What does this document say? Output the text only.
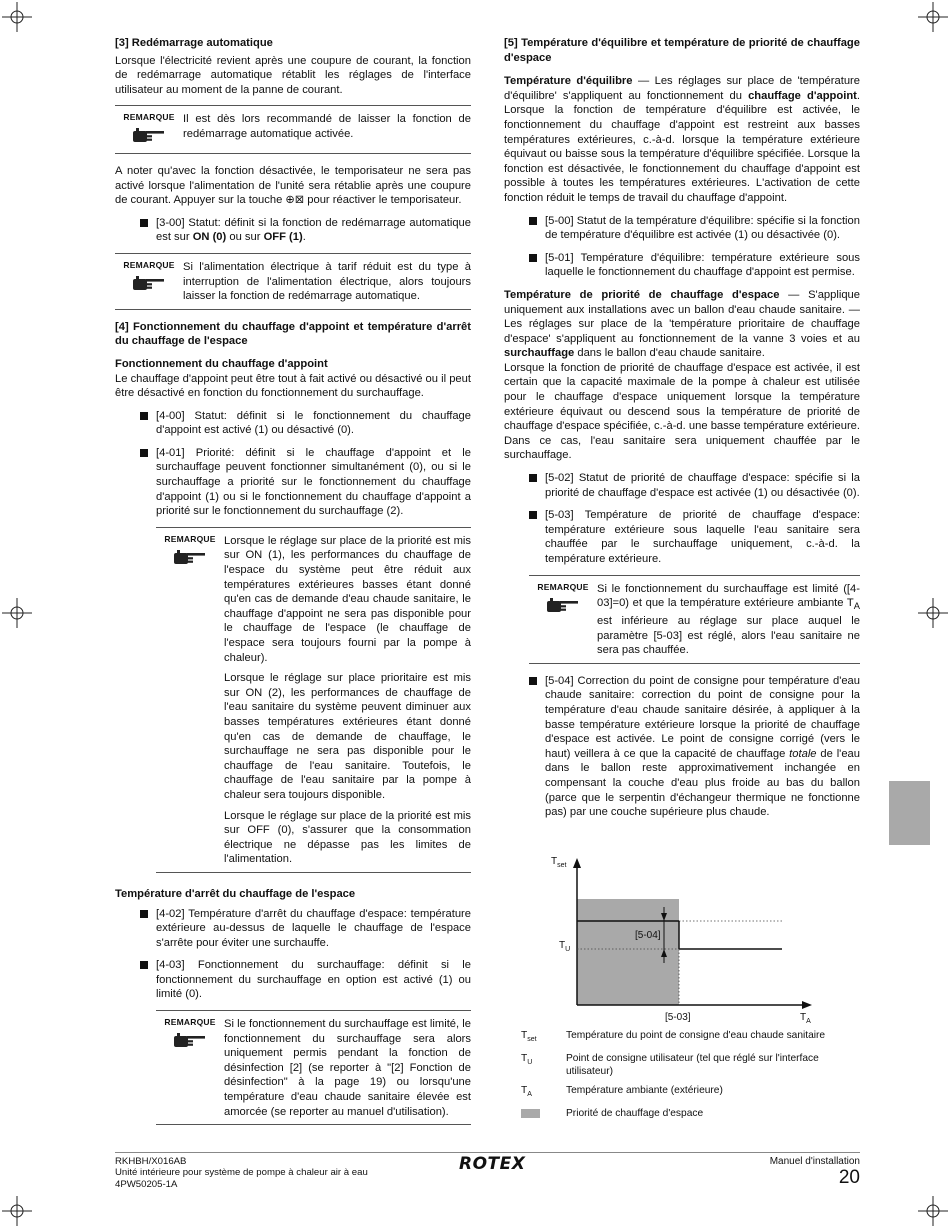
[3] Redémarrage automatique

Lorsque l'électricité revient après une coupure de courant, la fonction de redémarrage automatique rétablit les réglages de l'interface utilisateur au moment de la panne de courant.

REMARQUE Il est dès lors recommandé de laisser la fonction de redémarrage automatique activée.

A noter qu'avec la fonction désactivée, le temporisateur ne sera pas activé lorsque l'alimentation de l'unité sera rétablie après une coupure de courant. Appuyer sur la touche ⊕⊠ pour réactiver le temporisateur.

[3-00] Statut: définit si la fonction de redémarrage automatique est sur ON (0) ou sur OFF (1).
REMARQUE Si l'alimentation électrique à tarif réduit est du type à interruption de l'alimentation électrique, alors toujours laisser la fonction de redémarrage automatique.
[4] Fonctionnement du chauffage d'appoint et température d'arrêt du chauffage de l'espace
Fonctionnement du chauffage d'appoint

Le chauffage d'appoint peut être tout à fait activé ou désactivé ou il peut être désactivé en fonction du fonctionnement du surchauffage.

[4-00] Statut: définit si le fonctionnement du chauffage d'appoint est activé (1) ou désactivé (0).
[4-01] Priorité: définit si le chauffage d'appoint et le surchauffage peuvent fonctionner simultanément (0), ou si le surchauffage a priorité sur le fonctionnement du chauffage d'appoint (1) ou si le fonctionnement du chauffage d'appoint a priorité sur le fonctionnement du surchauffage (2).
REMARQUE Lorsque le réglage sur place de la priorité est mis sur ON (1), les performances du chauffage de l'espace du système peut être réduit aux températures extérieures basses étant donné qu'en cas de demande d'eau chaude sanitaire, le chauffage d'appoint ne sera pas disponible pour le chauffage de l'espace (le chauffage de l'espace sera toujours fourni par la pompe à chaleur).

Lorsque le réglage sur place prioritaire est mis sur ON (2), les performances de chauffage de l'eau sanitaire du système peuvent diminuer aux basses températures extérieures étant donné qu'en cas de demande de chauffage, le surchauffage ne sera pas disponible pour le chauffage de l'eau sanitaire. Toutefois, le chauffage de l'eau sanitaire par la pompe à chaleur sera toujours disponible.

Lorsque le réglage sur place de la priorité est mis sur OFF (0), s'assurer que la consommation électrique ne dépasse pas les limites de l'alimentation.

Température d'arrêt du chauffage de l'espace
[4-02] Température d'arrêt du chauffage d'espace: température extérieure au-dessus de laquelle le chauffage de l'espace s'arrête pour éviter une surchauffe.
[4-03] Fonctionnement du surchauffage: définit si le fonctionnement du surchauffage en option est activé (1) ou limité (0).
REMARQUE Si le fonctionnement du surchauffage est limité, le fonctionnement du surchauffage sera alors uniquement permis pendant la fonction de désinfection [2] (se reporter à "[2] Fonction de désinfection" à la page 19) ou lorsqu'une température d'eau chaude sanitaire élevée est amorcée (se reporter au manuel d'utilisation).
[5] Température d'équilibre et température de priorité de chauffage d'espace

Température d'équilibre — Les réglages sur place de 'température d'équilibre' s'appliquent au fonctionnement du chauffage d'appoint. Lorsque la fonction de température d'équilibre est activée, le fonctionnement du chauffage d'appoint est restreint aux basses températures extérieures, c.-à-d. lorsque la température extérieure équivaut ou baisse sous la température d'équilibre spécifiée. Lorsque la fonction est désactivée, le fonctionnement du chauffage d'appoint est possible à toutes les températures extérieures. L'activation de cette fonction réduit le temps de travail du chauffage d'appoint.

[5-00] Statut de la température d'équilibre: spécifie si la fonction de température d'équilibre est activée (1) ou désactivée (0).
[5-01] Température d'équilibre: température extérieure sous laquelle le fonctionnement du chauffage d'appoint est permise.

Température de priorité de chauffage d'espace — S'applique uniquement aux installations avec un ballon d'eau chaude sanitaire. — Les réglages sur place de la 'température prioritaire de chauffage d'espace' s'appliquent au fonctionnement de la vanne 3 voies et au surchauffage dans le ballon d'eau chaude sanitaire.

Lorsque la fonction de priorité de chauffage d'espace est activée, il est certain que la capacité maximale de la pompe à chaleur est utilisée pour le chauffage d'espace uniquement lorsque la température extérieure équivaut ou descend sous la température de priorité de chauffage d'espace spécifiée, c.-à-d. une basse température extérieure. Dans ce cas, l'eau sanitaire sera uniquement chauffée par le surchauffage.

[5-02] Statut de priorité de chauffage d'espace: spécifie si la priorité de chauffage d'espace est activée (1) ou désactivée (0).
[5-03] Température de priorité de chauffage d'espace: température extérieure sous laquelle l'eau sanitaire sera chauffée par le surchauffage uniquement, c.-à-d. la température extérieure.
REMARQUE Si le fonctionnement du surchauffage est limité ([4-03]=0) et que la température extérieure ambiante $T_A$ est inférieure au réglage sur place auquel le paramètre [5-03] est réglé, alors l'eau sanitaire ne sera pas chauffée.
[5-04] Correction du point de consigne pour température d'eau chaude sanitaire: correction du point de consigne pour la température d'eau chaude sanitaire désirée, à appliquer à la basse température extérieure lorsque la priorité de chauffage d'espace est activée. Le point de consigne corrigé (vers le haut) veillera à ce que la capacité de chauffage totale de l'eau dans le ballon reste approximativement inchangée en compensant la couche d'eau plus froide au bas du ballon (parce que le serpentin d'échangeur thermique ne fonctionne pas) par une couche supérieure plus chaude.
[5-04]
$T_{set}$
$T_U$
$T_A$
[5-03]
$T_{set}$	Température du point de consigne d'eau chaude sanitaire
$T_U$	Point de consigne utilisateur (tel que réglé sur l'interface utilisateur)
$T_A$	Température ambiante (extérieure)
Priorité de chauffage d'espace
RKHBH/X016AB
Unité intérieure pour système de pompe à chaleur air à eau
4PW50205-1A
ROTEX	Manuel d'installation
20
